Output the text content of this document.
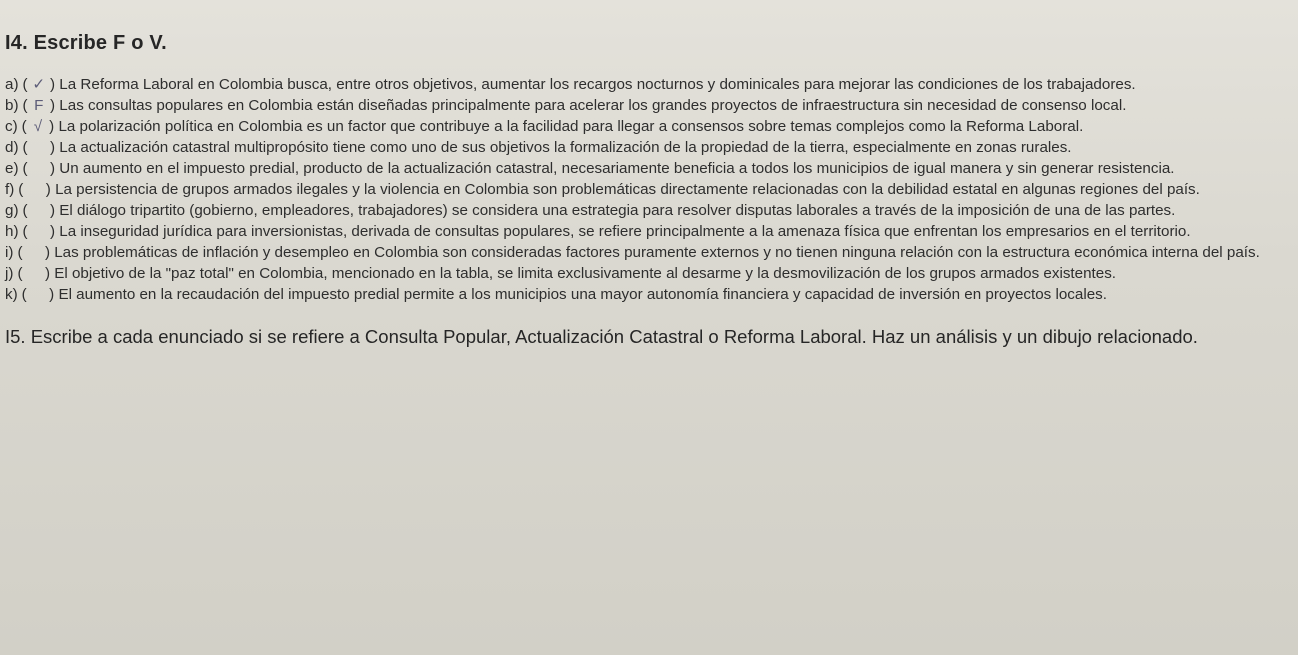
I4. Escribe F o V.
a) ( ✓ ) La Reforma Laboral en Colombia busca, entre otros objetivos, aumentar los recargos nocturnos y dominicales para mejorar las condiciones de los trabajadores.
b) ( F ) Las consultas populares en Colombia están diseñadas principalmente para acelerar los grandes proyectos de infraestructura sin necesidad de consenso local.
c) ( √ ) La polarización política en Colombia es un factor que contribuye a la facilidad para llegar a consensos sobre temas complejos como la Reforma Laboral.
d) (  ) La actualización catastral multipropósito tiene como uno de sus objetivos la formalización de la propiedad de la tierra, especialmente en zonas rurales.
e) (  ) Un aumento en el impuesto predial, producto de la actualización catastral, necesariamente beneficia a todos los municipios de igual manera y sin generar resistencia.
f) (  ) La persistencia de grupos armados ilegales y la violencia en Colombia son problemáticas directamente relacionadas con la debilidad estatal en algunas regiones del país.
g) (  ) El diálogo tripartito (gobierno, empleadores, trabajadores) se considera una estrategia para resolver disputas laborales a través de la imposición de una de las partes.
h) (  ) La inseguridad jurídica para inversionistas, derivada de consultas populares, se refiere principalmente a la amenaza física que enfrentan los empresarios en el territorio.
i) (  ) Las problemáticas de inflación y desempleo en Colombia son consideradas factores puramente externos y no tienen ninguna relación con la estructura económica interna del país.
j) (  ) El objetivo de la "paz total" en Colombia, mencionado en la tabla, se limita exclusivamente al desarme y la desmovilización de los grupos armados existentes.
k) (  ) El aumento en la recaudación del impuesto predial permite a los municipios una mayor autonomía financiera y capacidad de inversión en proyectos locales.
I5. Escribe a cada enunciado si se refiere a Consulta Popular, Actualización Catastral o Reforma Laboral. Haz un análisis y un dibujo relacionado.
